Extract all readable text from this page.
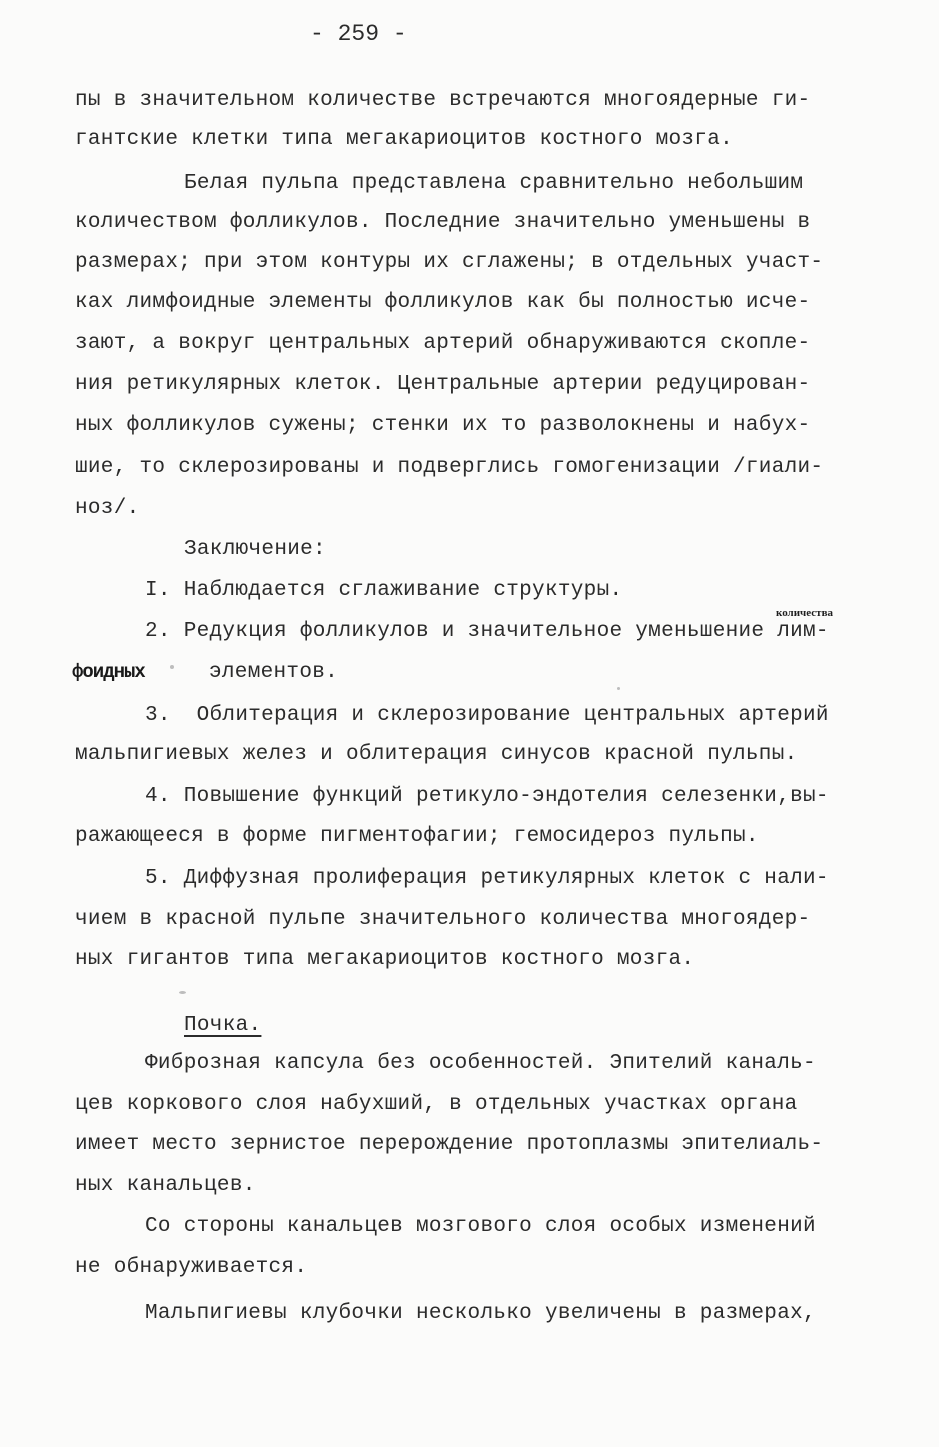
- 259 -
пы в значительном количестве встречаются многоядерные ги-
гантские клетки типа мегакариоцитов костного мозга.
Белая пульпа представлена сравнительно небольшим
количеством фолликулов. Последние значительно уменьшены в
размерах; при этом контуры их сглажены; в отдельных участ-
ках лимфоидные элементы фолликулов как бы полностью исче-
зают, а вокруг центральных артерий обнаруживаются скопле-
ния ретикулярных клеток. Центральные артерии редуцирован-
ных фолликулов сужены; стенки их то разволокнены и набух-
шие, то склерозированы и подверглись гомогенизации /гиали-
ноз/.
Заключение:
I. Наблюдается сглаживание структуры.
количества
2. Редукция фолликулов и значительное уменьшение лим-
фоидных	элементов.
3.  Облитерация и склерозирование центральных артерий
мальпигиевых желез и облитерация синусов красной пульпы.
4. Повышение функций ретикуло-эндотелия селезенки,вы-
ражающееся в форме пигментофагии; гемосидероз пульпы.
5. Диффузная пролиферация ретикулярных клеток с нали-
чием в красной пульпе значительного количества многоядер-
ных гигантов типа мегакариоцитов костного мозга.
Почка.
Фиброзная капсула без особенностей. Эпителий каналь-
цев коркового слоя набухший, в отдельных участках органа
имеет место зернистое перерождение протоплазмы эпителиаль-
ных канальцев.
Со стороны канальцев мозгового слоя особых изменений
не обнаруживается.
Мальпигиевы клубочки несколько увеличены в размерах,
